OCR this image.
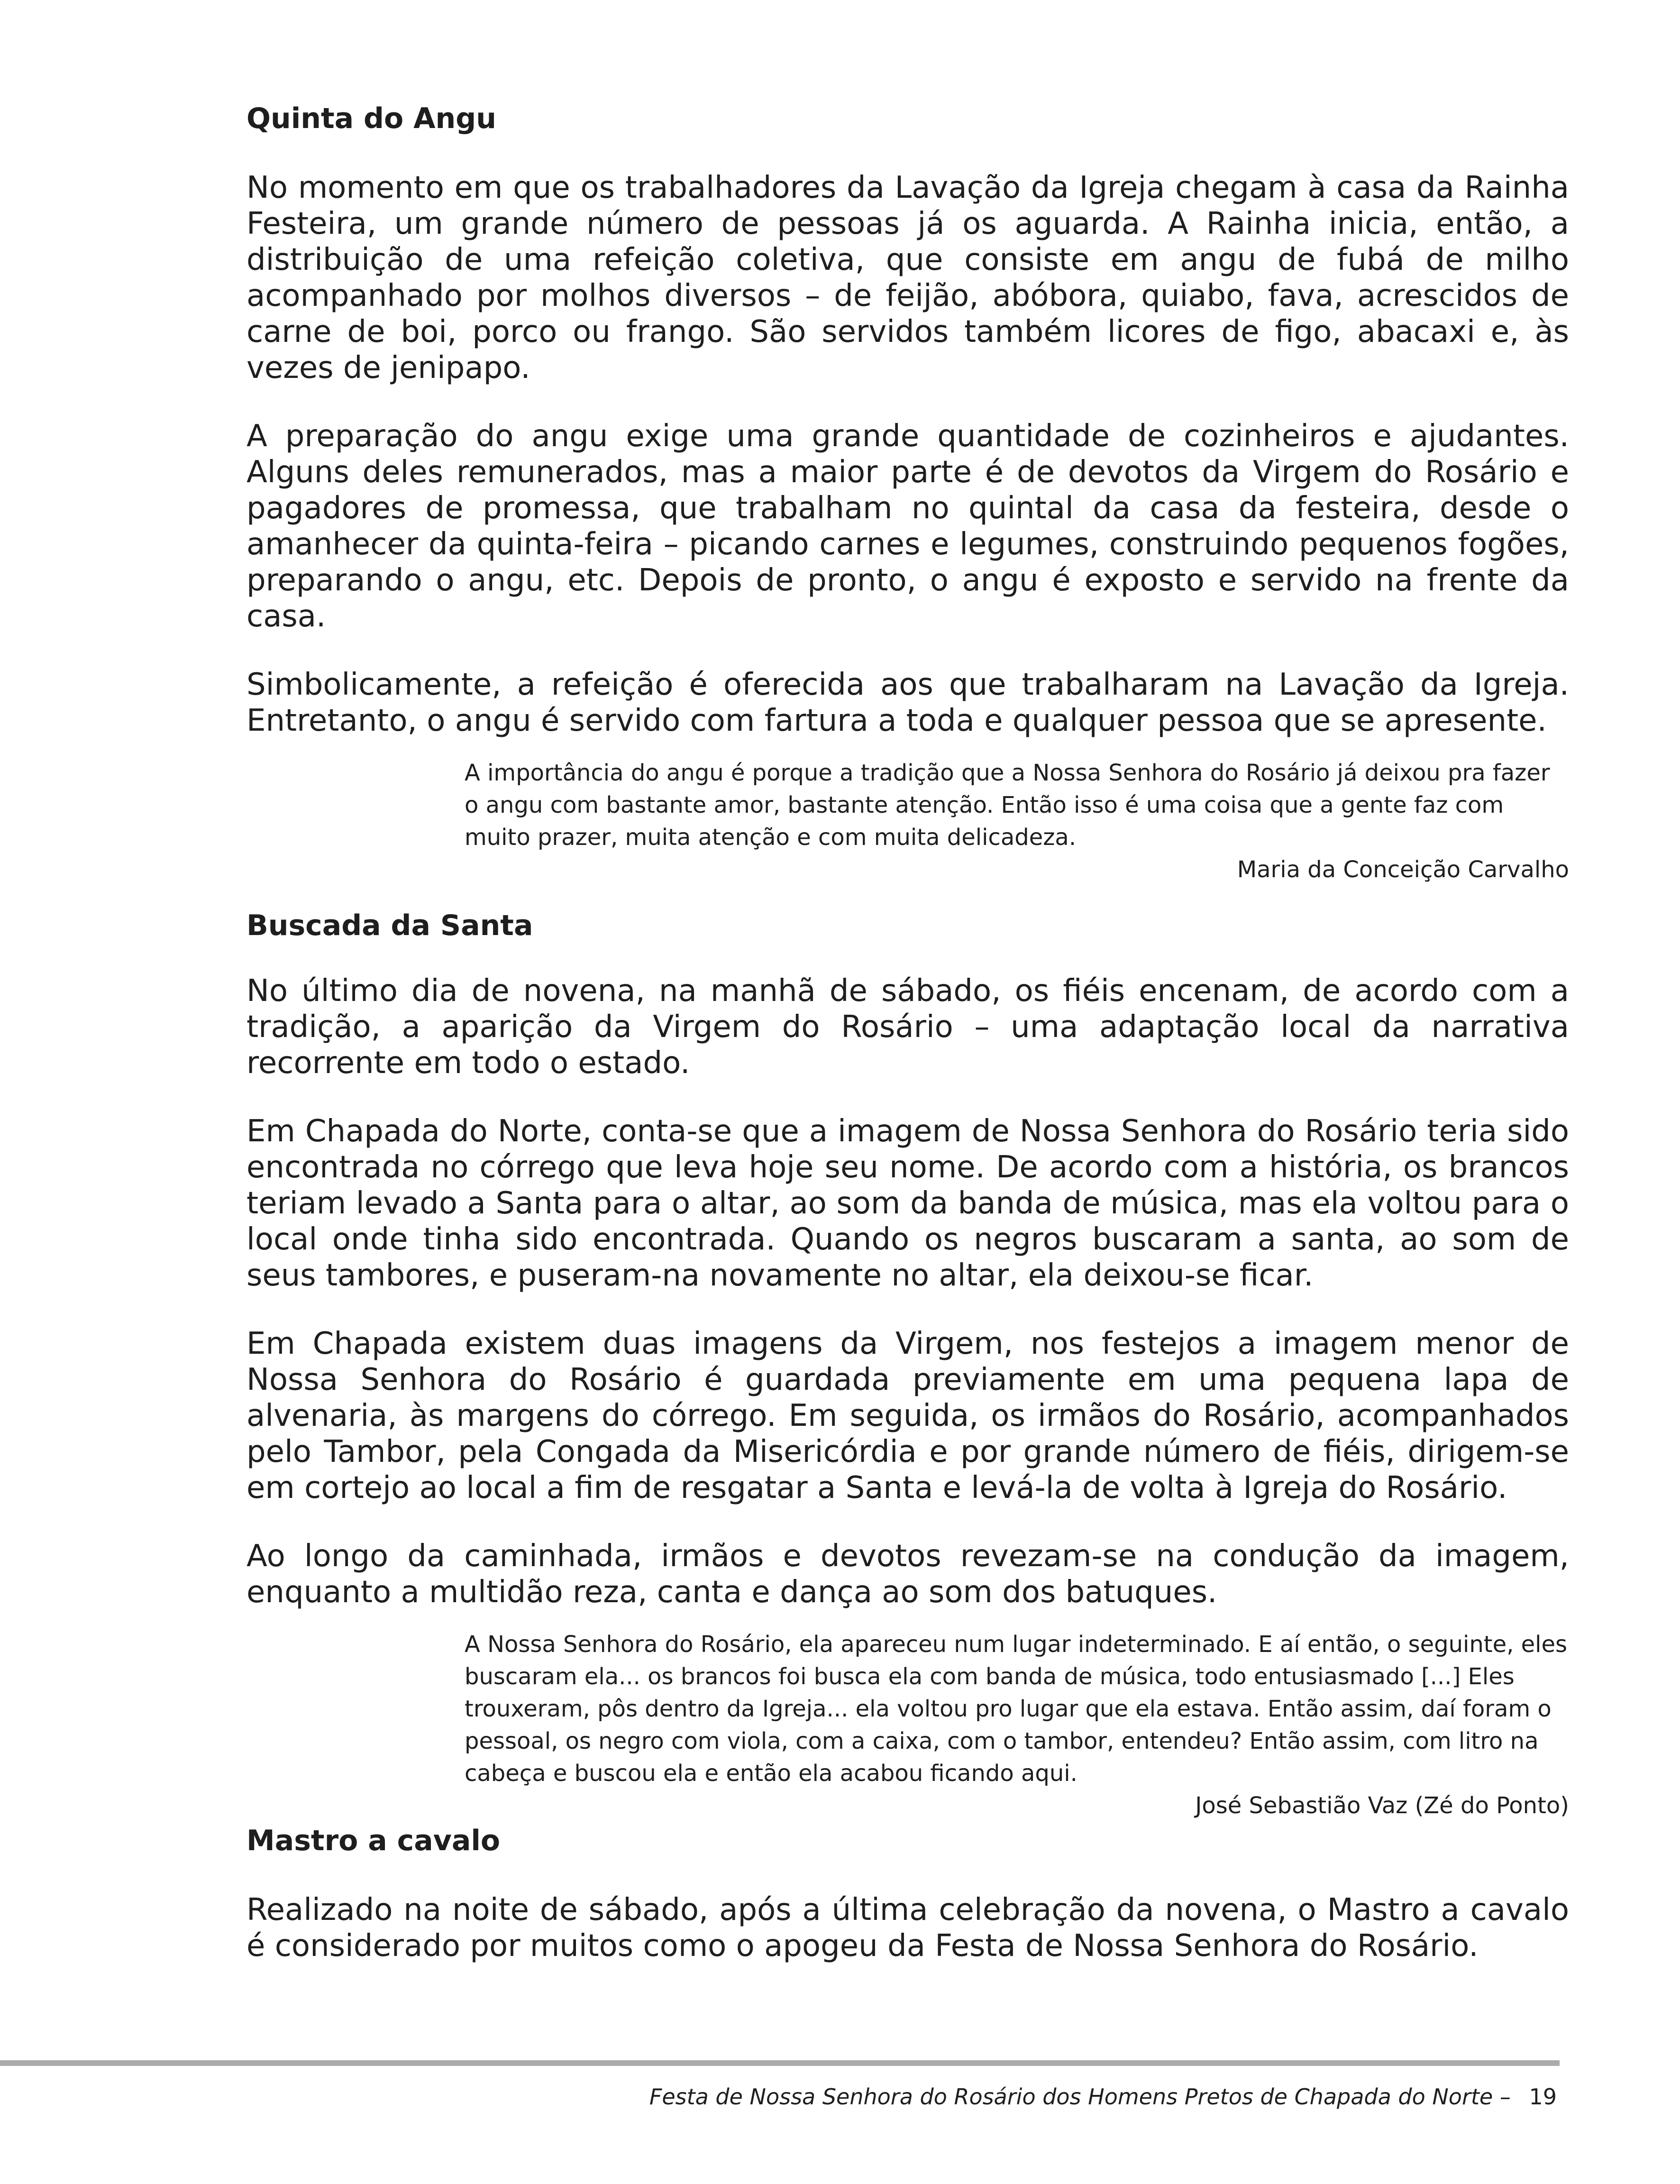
Quinta do Angu

No momento em que os trabalhadores da Lavação da Igreja chegam à casa da Rainha Festeira, um grande número de pessoas já os aguarda. A Rainha inicia, então, a distribuição de uma refeição coletiva, que consiste em angu de fubá de milho acompanhado por molhos diversos – de feijão, abóbora, quiabo, fava, acrescidos de carne de boi, porco ou frango. São servidos também licores de figo, abacaxi e, às vezes de jenipapo.

A preparação do angu exige uma grande quantidade de cozinheiros e ajudantes. Alguns deles remunerados, mas a maior parte é de devotos da Virgem do Rosário e pagadores de promessa, que trabalham no quintal da casa da festeira, desde o amanhecer da quinta-feira – picando carnes e legumes, construindo pequenos fogões, preparando o angu, etc. Depois de pronto, o angu é exposto e servido na frente da casa.

Simbolicamente, a refeição é oferecida aos que trabalharam na Lavação da Igreja. Entretanto, o angu é servido com fartura a toda e qualquer pessoa que se apresente.

A importância do angu é porque a tradição que a Nossa Senhora do Rosário já deixou pra fazer o angu com bastante amor, bastante atenção. Então isso é uma coisa que a gente faz com muito prazer, muita atenção e com muita delicadeza.

Maria da Conceição Carvalho

Buscada da Santa

No último dia de novena, na manhã de sábado, os fiéis encenam, de acordo com a tradição, a aparição da Virgem do Rosário – uma adaptação local da narrativa recorrente em todo o estado.

Em Chapada do Norte, conta-se que a imagem de Nossa Senhora do Rosário teria sido encontrada no córrego que leva hoje seu nome. De acordo com a história, os brancos teriam levado a Santa para o altar, ao som da banda de música, mas ela voltou para o local onde tinha sido encontrada. Quando os negros buscaram a santa, ao som de seus tambores, e puseram-na novamente no altar, ela deixou-se ficar.

Em Chapada existem duas imagens da Virgem, nos festejos a imagem menor de Nossa Senhora do Rosário é guardada previamente em uma pequena lapa de alvenaria, às margens do córrego. Em seguida, os irmãos do Rosário, acompanhados pelo Tambor, pela Congada da Misericórdia e por grande número de fiéis, dirigem-se em cortejo ao local a fim de resgatar a Santa e levá-la de volta à Igreja do Rosário.

Ao longo da caminhada, irmãos e devotos revezam-se na condução da imagem, enquanto a multidão reza, canta e dança ao som dos batuques.

A Nossa Senhora do Rosário, ela apareceu num lugar indeterminado. E aí então, o seguinte, eles buscaram ela... os brancos foi busca ela com banda de música, todo entusiasmado [...] Eles trouxeram, pôs dentro da Igreja... ela voltou pro lugar que ela estava. Então assim, daí foram o pessoal, os negro com viola, com a caixa, com o tambor, entendeu? Então assim, com litro na cabeça e buscou ela e então ela acabou ficando aqui.

José Sebastião Vaz (Zé do Ponto)

Mastro a cavalo

Realizado na noite de sábado, após a última celebração da novena, o Mastro a cavalo é considerado por muitos como o apogeu da Festa de Nossa Senhora do Rosário.

Festa de Nossa Senhora do Rosário dos Homens Pretos de Chapada do Norte – 19
